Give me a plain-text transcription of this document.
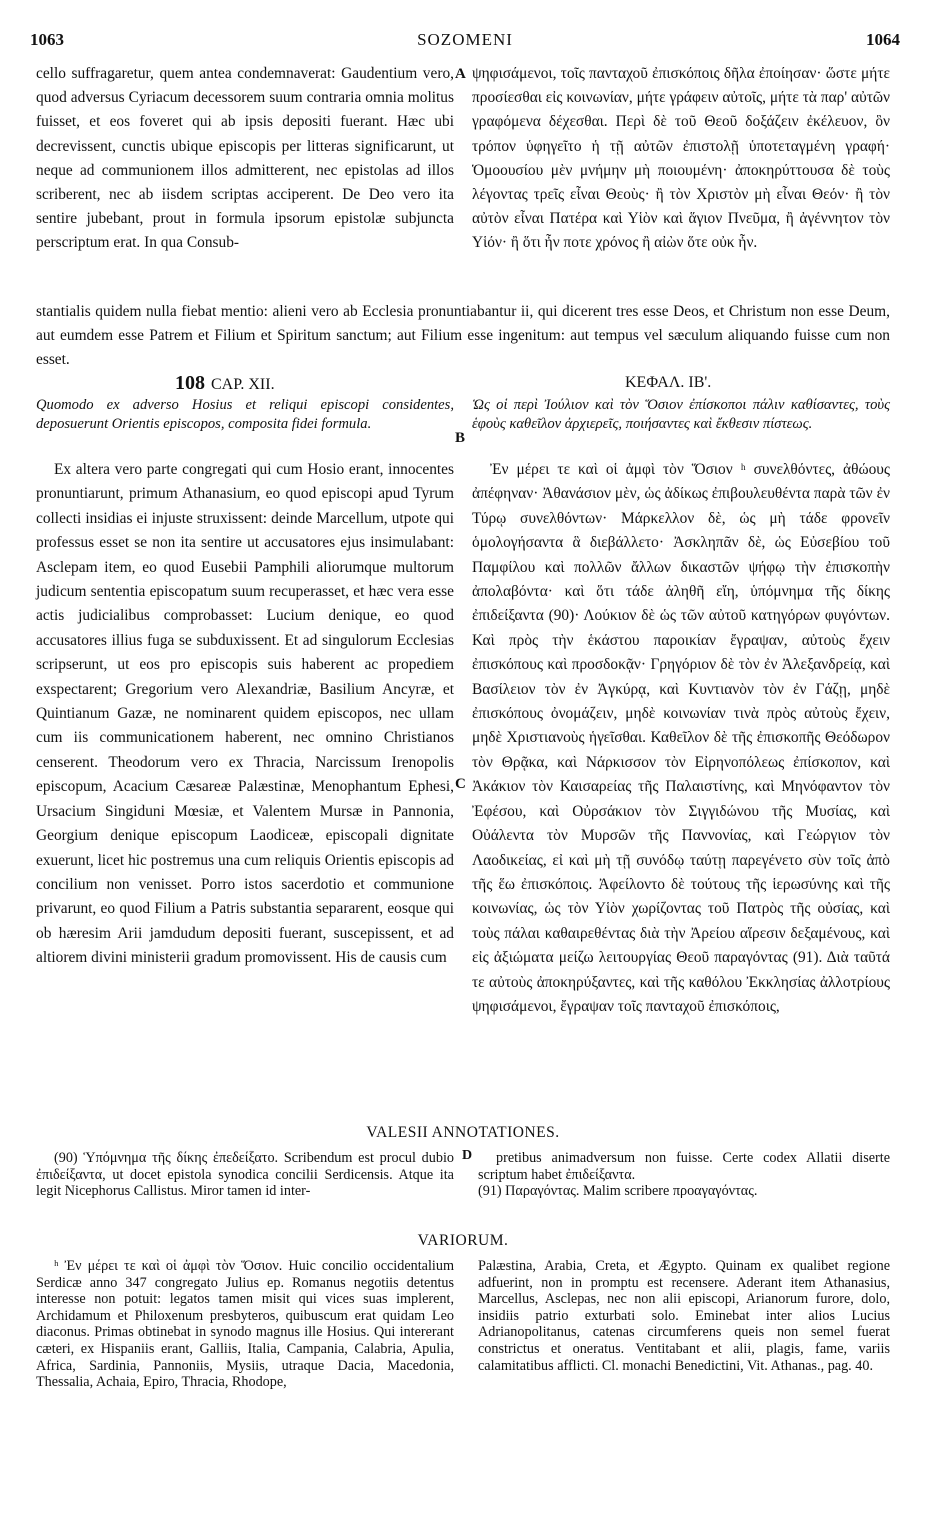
1063	SOZOMENI	1064

cello suffragaretur, quem antea condemnaverat: Gaudentium vero, quod adversus Cyriacum decessorem suum contraria omnia molitus fuisset, et eos foveret qui ab ipsis depositi fuerant. Hæc ubi decrevissent, cunctis ubique episcopis per litteras significarunt, ut neque ad communionem illos admitterent, nec epistolas ad illos scriberent, nec ab iisdem scriptas acciperent. De Deo vero ita sentire jubebant, prout in formula ipsorum epistolæ subjuncta perscriptum erat. In qua Consub-

A ψηφισάμενοι, τοῖς πανταχοῦ ἐπισκόποις δῆλα ἐποίησαν· ὥστε μήτε προσίεσθαι εἰς κοινωνίαν, μήτε γράφειν αὐτοῖς, μήτε τὰ παρ' αὐτῶν γραφόμενα δέχεσθαι. Περὶ δὲ τοῦ Θεοῦ δοξάζειν ἐκέλευον, ὃν τρόπον ὑφηγεῖτο ἡ τῇ αὐτῶν ἐπιστολῇ ὑποτεταγμένη γραφή· Ὁμοουσίου μὲν μνήμην μὴ ποιουμένη· ἀποκηρύττουσα δὲ τοὺς λέγοντας τρεῖς εἶναι Θεοὺς· ἢ τὸν Χριστὸν μὴ εἶναι Θεόν· ἢ τὸν αὐτὸν εἶναι Πατέρα καὶ Υἱὸν καὶ ἅγιον Πνεῦμα, ἢ ἀγέννητον τὸν Υἱόν· ἢ ὅτι ἦν ποτε χρόνος ἢ αἰὼν ὅτε οὐκ ἦν.

stantialis quidem nulla fiebat mentio: alieni vero ab Ecclesia pronuntiabantur ii, qui dicerent tres esse Deos, et Christum non esse Deum, aut eumdem esse Patrem et Filium et Spiritum sanctum; aut Filium esse ingenitum: aut tempus vel sæculum aliquando fuisse cum non esset.

108 CAP. XII.	ΚΕΦΑΛ. ΙΒ'.

Quomodo ex adverso Hosius et reliqui episcopi considentes, deposuerunt Orientis episcopos, composita fidei formula.

B

Ὡς οἱ περὶ Ἰούλιον καὶ τὸν Ὅσιον ἐπίσκοποι πάλιν καθίσαντες, τοὺς ἑφοὺς καθεῖλον ἀρχιερεῖς, ποιήσαντες καὶ ἔκθεσιν πίστεως.

Ex altera vero parte congregati qui cum Hosio erant, innocentes pronuntiarunt, primum Athanasium, eo quod episcopi apud Tyrum collecti insidias ei injuste struxissent: deinde Marcellum, utpote qui professus esset se non ita sentire ut accusatores ejus insimulabant: Asclepam item, eo quod Eusebii Pamphili aliorumque multorum judicum sententia episcopatum suum recuperasset, et hæc vera esse actis judicialibus comprobasset: Lucium denique, eo quod accusatores illius fuga se subduxissent. Et ad singulorum Ecclesias scripserunt, ut eos pro episcopis suis haberent ac propediem exspectarent; Gregorium vero Alexandriæ, Basilium Ancyræ, et Quintianum Gazæ, ne nominarent quidem episcopos, nec ullam cum iis communicationem haberent, nec omnino Christianos censerent. Theodorum vero ex Thracia, Narcissum Irenopolis episcopum, Acacium Cæsareæ Palæstinæ, Menophantum Ephesi, Ursacium Singiduni Mœsiæ, et Valentem Mursæ in Pannonia, Georgium denique episcopum Laodiceæ, episcopali dignitate exuerunt, licet hic postremus una cum reliquis Orientis episcopis ad concilium non venisset. Porro istos sacerdotio et communione privarunt, eo quod Filium a Patris substantia separarent, eosque qui ob hæresim Arii jamdudum depositi fuerant, suscepissent, et ad altiorem divini ministerii gradum promovissent. His de causis cum

C

Ἐν μέρει τε καὶ οἱ ἀμφὶ τὸν Ὅσιον ʰ συνελθόντες, ἀθώους ἀπέφηναν· Ἀθανάσιον μὲν, ὡς ἀδίκως ἐπιβουλευθέντα παρὰ τῶν ἐν Τύρῳ συνελθόντων· Μάρκελλον δὲ, ὡς μὴ τάδε φρονεῖν ὁμολογήσαντα ἃ διεβάλλετο· Ἀσκληπᾶν δὲ, ὡς Εὐσεβίου τοῦ Παμφίλου καὶ πολλῶν ἄλλων δικαστῶν ψήφῳ τὴν ἐπισκοπὴν ἀπολαβόντα· καὶ ὅτι τάδε ἀληθῆ εἴη, ὑπόμνημα τῆς δίκης ἐπιδείξαντα (90)· Λούκιον δὲ ὡς τῶν αὐτοῦ κατηγόρων φυγόντων. Καὶ πρὸς τὴν ἑκάστου παροικίαν ἔγραψαν, αὐτοὺς ἔχειν ἐπισκόπους καὶ προσδοκᾷν· Γρηγόριον δὲ τὸν ἐν Ἀλεξανδρείᾳ, καὶ Βασίλειον τὸν ἐν Ἀγκύρᾳ, καὶ Κυντιανὸν τὸν ἐν Γάζῃ, μηδὲ ἐπισκόπους ὀνομάζειν, μηδὲ κοινωνίαν τινὰ πρὸς αὐτοὺς ἔχειν, μηδὲ Χριστιανοὺς ἡγεῖσθαι. Καθεῖλον δὲ τῆς ἐπισκοπῆς Θεόδωρον τὸν Θρᾷκα, καὶ Νάρκισσον τὸν Εἰρηνοπόλεως ἐπίσκοπον, καὶ Ἀκάκιον τὸν Καισαρείας τῆς Παλαιστίνης, καὶ Μηνόφαντον τὸν Ἐφέσου, καὶ Οὐρσάκιον τὸν Σιγγιδώνου τῆς Μυσίας, καὶ Οὐάλεντα τὸν Μυρσῶν τῆς Παννονίας, καὶ Γεώργιον τὸν Λαοδικείας, εἰ καὶ μὴ τῇ συνόδῳ ταύτῃ παρεγένετο σὺν τοῖς ἀπὸ τῆς ἕω ἐπισκόποις. Ἀφείλοντο δὲ τούτους τῆς ἱερωσύνης καὶ τῆς κοινωνίας, ὡς τὸν Υἱὸν χωρίζοντας τοῦ Πατρὸς τῆς οὐσίας, καὶ τοὺς πάλαι καθαιρεθέντας διὰ τὴν Ἀρείου αἵρεσιν δεξαμένους, καὶ εἰς ἀξιώματα μείζω λειτουργίας Θεοῦ παραγόντας (91). Διὰ ταῦτά τε αὐτοὺς ἀποκηρύξαντες, καὶ τῆς καθόλου Ἐκκλησίας ἀλλοτρίους ψηφισάμενοι, ἔγραψαν τοῖς πανταχοῦ ἐπισκόποις,

VALESII ANNOTATIONES.

(90) Ὑπόμνημα τῆς δίκης ἐπεδείξατο. Scribendum est procul dubio ἐπιδείξαντα, ut docet epistola synodica concilii Serdicensis. Atque ita legit Nicephorus Callistus. Miror tamen id inter-

D	pretibus animadversum non fuisse. Certe codex Allatii diserte scriptum habet ἐπιδείξαντα.
(91) Παραγόντας. Malim scribere προαγαγόντας.

VARIORUM.

ʰ Ἐν μέρει τε καὶ οἱ ἀμφὶ τὸν Ὅσιον. Huic concilio occidentalium Serdicæ anno 347 congregato Julius ep. Romanus negotiis detentus interesse non potuit: legatos tamen misit qui vices suas implerent, Archidamum et Philoxenum presbyteros, quibuscum erat quidam Leo diaconus. Primas obtinebat in synodo magnus ille Hosius. Qui intererant cæteri, ex Hispaniis erant, Galliis, Italia, Campania, Calabria, Apulia, Africa, Sardinia, Pannoniis, Mysiis, utraque Dacia, Macedonia, Thessalia, Achaia, Epiro, Thracia, Rhodope,

Palæstina, Arabia, Creta, et Ægypto. Quinam ex qualibet regione adfuerint, non in promptu est recensere. Aderant item Athanasius, Marcellus, Asclepas, nec non alii episcopi, Arianorum furore, dolo, insidiis patrio exturbati solo. Eminebat inter alios Lucius Adrianopolitanus, catenas circumferens queis non semel fuerat constrictus et oneratus. Ventitabant et alii, plagis, fame, variis calamitatibus afflicti. Cl. monachi Benedictini, Vit. Athanas., pag. 40.
